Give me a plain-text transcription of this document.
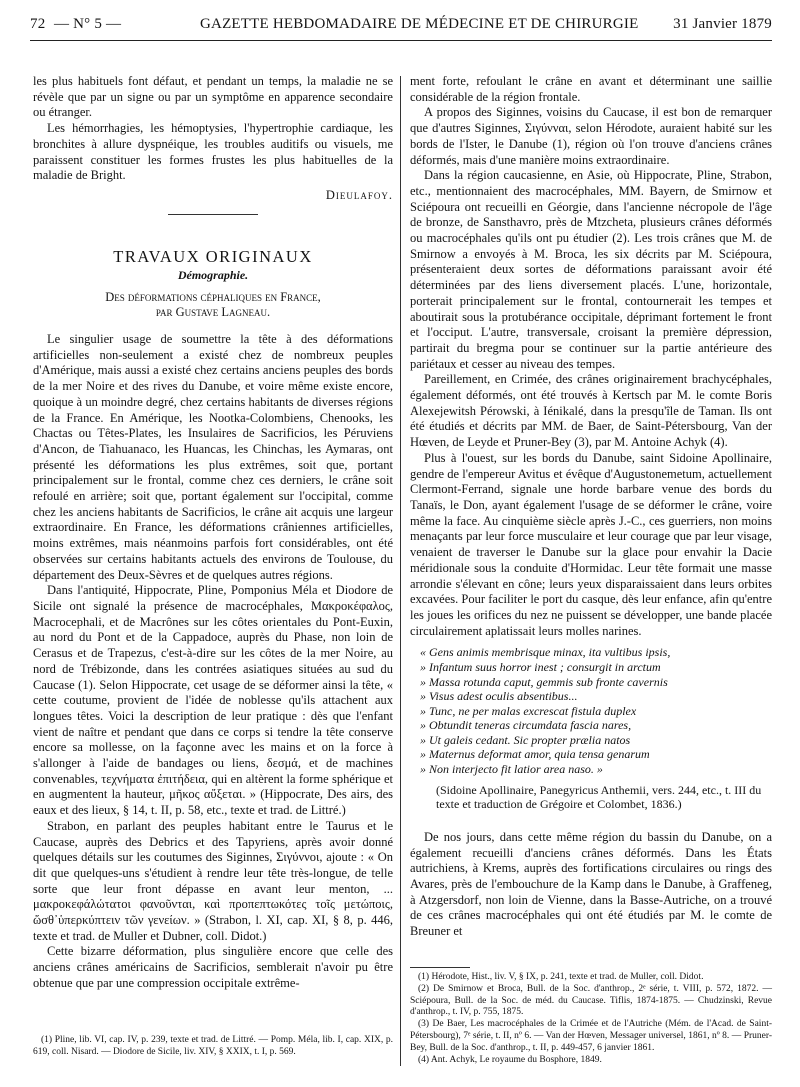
72 — N° 5 —	GAZETTE HEBDOMADAIRE DE MÉDECINE ET DE CHIRURGIE 31 Janvier 1879

les plus habituels font défaut, et pendant un temps, la maladie ne se révèle que par un signe ou par un symptôme en apparence secondaire ou étranger.

Les hémorrhagies, les hémoptysies, l'hypertrophie cardiaque, les bronchites à allure dyspnéique, les troubles auditifs ou visuels, me paraissent constituer les formes frustes les plus habituelles de la maladie de Bright.

Dieulafoy.
TRAVAUX ORIGINAUX
Démographie.
Des déformations céphaliques en France,
par Gustave Lagneau.

Le singulier usage de soumettre la tête à des déformations artificielles non-seulement a existé chez de nombreux peuples d'Amérique, mais aussi a existé chez certains anciens peuples des bords de la mer Noire et des rives du Danube, et voire même existe encore, quoique à un moindre degré, chez certains habitants de diverses régions de la France. En Amérique, les Nootka-Colombiens, Chenooks, les Chactas ou Têtes-Plates, les Insulaires de Sacrificios, les Péruviens d'Ancon, de Tiahuanaco, les Huancas, les Chinchas, les Aymaras, ont présenté les déformations les plus extrêmes, soit que, portant principalement sur le frontal, comme chez ces derniers, le crâne soit refoulé en arrière; soit que, portant également sur l'occipital, comme chez les anciens habitants de Sacrificios, le crâne ait acquis une largeur extraordinaire. En France, les déformations crâniennes artificielles, moins extrêmes, mais néanmoins parfois fort considérables, ont été observées sur certains habitants actuels des environs de Toulouse, du département des Deux-Sèvres et de quelques autres régions.

Dans l'antiquité, Hippocrate, Pline, Pomponius Méla et Diodore de Sicile ont signalé la présence de macrocéphales, Μακροκέφαλος, Macrocephali, et de Macrônes sur les côtes orientales du Pont-Euxin, au nord du Pont et de la Cappadoce, auprès du Phase, non loin de Cerasus et de Trapezus, c'est-à-dire sur les côtes de la mer Noire, au nord de Trébizonde, dans les contrées asiatiques situées au sud du Caucase (1). Selon Hippocrate, cet usage de se déformer ainsi la tête, « cette coutume, provient de l'idée de noblesse qu'ils attachent aux longues têtes. Voici la description de leur pratique : dès que l'enfant vient de naître et pendant que dans ce corps si tendre la tête conserve encore sa mollesse, on la façonne avec les mains et on la force à s'allonger à l'aide de bandages ou liens, δεσμά, et de machines convenables, τεχνήματα ἐπιτήδεια, qui en altèrent la forme sphérique et en augmentent la hauteur, μῆκος αὔξεται. » (Hippocrate, Des airs, des eaux et des lieux, § 14, t. II, p. 58, etc., texte et trad. de Littré.)

Strabon, en parlant des peuples habitant entre le Taurus et le Caucase, auprès des Debrics et des Tapyriens, après avoir donné quelques détails sur les coutumes des Siginnes, Σιγύννοι, ajoute : « On dit que quelques-uns s'étudient à rendre leur tête très-longue, de telle sorte que leur front dépasse en avant leur menton, ... μακροκεφάλώτατοι φανοῦνται, καὶ προπεπτωκότες τοῖς μετώποις, ὥσθ᾽ὑπερκύπτειν τῶν γενείων. » (Strabon, l. XI, cap. XI, § 8, p. 446, texte et trad. de Muller et Dubner, coll. Didot.)

Cette bizarre déformation, plus singulière encore que celle des anciens crânes américains de Sacrificios, semblerait n'avoir pu être obtenue que par une compression occipitale extrême-

(1) Pline, lib. VI, cap. IV, p. 239, texte et trad. de Littré. — Pomp. Méla, lib. I, cap. XIX, p. 619, coll. Nisard. — Diodore de Sicile, liv. XIV, § XXIX, t. I, p. 569.

ment forte, refoulant le crâne en avant et déterminant une saillie considérable de la région frontale.

A propos des Siginnes, voisins du Caucase, il est bon de remarquer que d'autres Siginnes, Σιγύνναι, selon Hérodote, auraient habité sur les bords de l'Ister, le Danube (1), région où l'on trouve d'anciens crânes déformés, mais d'une manière moins extraordinaire.

Dans la région caucasienne, en Asie, où Hippocrate, Pline, Strabon, etc., mentionnaient des macrocéphales, MM. Bayern, de Smirnow et Sciépoura ont recueilli en Géorgie, dans l'ancienne nécropole de l'âge de bronze, de Sansthavro, près de Mtzcheta, plusieurs crânes déformés ou macrocéphales qu'ils ont pu étudier (2). Les trois crânes que M. de Smirnow a envoyés à M. Broca, les six décrits par M. Sciépoura, présenteraient deux sortes de déformations paraissant avoir été déterminées par des liens diversement placés. L'une, horizontale, porterait principalement sur le frontal, contournerait les tempes et aboutirait sous la protubérance occipitale, déprimant fortement le front et l'occiput. L'autre, transversale, croisant la première dépression, partirait du bregma pour se continuer sur la partie antérieure des pariétaux et cesser au niveau des tempes.

Pareillement, en Crimée, des crânes originairement brachycéphales, également déformés, ont été trouvés à Kertsch par M. le comte Boris Alexejewitsh Pérowski, à Iénikalé, dans la presqu'île de Taman. Ils ont été étudiés et décrits par MM. de Baer, de Saint-Pétersbourg, Van der Hœven, de Leyde et Pruner-Bey (3), par M. Antoine Achyk (4).

Plus à l'ouest, sur les bords du Danube, saint Sidoine Apollinaire, gendre de l'empereur Avitus et évêque d'Augustonemetum, actuellement Clermont-Ferrand, signale une horde barbare venue des bords du Tanaïs, le Don, ayant également l'usage de se déformer le crâne, voire même la face. Au cinquième siècle après J.-C., ces guerriers, non moins menaçants par leur force musculaire et leur courage que par leur visage, venaient de traverser le Danube sur la glace pour envahir la Dacie méridionale sous la conduite d'Hormidac. Leur tête formait une masse arrondie s'élevant en cône; leurs yeux disparaissaient dans leurs orbites excavées. Pour faciliter le port du casque, dès leur enfance, afin qu'entre les joues les orifices du nez ne puissent se développer, une bande placée circulairement aplatissait leurs molles narines.

« Gens animis membrisque minax, ita vultibus ipsis,
» Infantum suus horror inest ; consurgit in arctum
» Massa rotunda caput, gemmis sub fronte cavernis
» Visus adest oculis absentibus...
» Tunc, ne per malas excrescat fistula duplex
» Obtundit teneras circumdata fascia nares,
» Ut galeis cedant. Sic propter prælia natos
» Maternus deformat amor, quia tensa genarum
» Non interjecto fit latior area naso. »
(Sidoine Apollinaire, Panegyricus Anthemii, vers. 244, etc., t. III du texte et traduction de Grégoire et Colombet, 1836.)

De nos jours, dans cette même région du bassin du Danube, on a également recueilli d'anciens crânes déformés. Dans les États autrichiens, à Krems, auprès des fortifications circulaires ou rings des Avares, près de l'embouchure de la Kamp dans le Danube, à Graffeneg, à Atzgersdorf, non loin de Vienne, dans la Basse-Autriche, on a trouvé de ces crânes macrocéphales qui ont été étudiés par M. le comte de Breuner et

(1) Hérodote, Hist., liv. V, § IX, p. 241, texte et trad. de Muller, coll. Didot.
(2) De Smirnow et Broca, Bull. de la Soc. d'anthrop., 2ᵉ série, t. VIII, p. 572, 1872. — Sciépoura, Bull. de la Soc. de méd. du Caucase. Tiflis, 1874-1875. — Chudzinski, Revue d'anthrop., t. IV, p. 755, 1875.
(3) De Baer, Les macrocéphales de la Crimée et de l'Autriche (Mém. de l'Acad. de Saint-Pétersbourg), 7ᵉ série, t. II, nº 6. — Van der Hœven, Messager universel, 1861, nº 8. — Pruner-Bey, Bull. de la Soc. d'anthrop., t. II, p. 449-457, 6 janvier 1861.
(4) Ant. Achyk, Le royaume du Bosphore, 1849.
